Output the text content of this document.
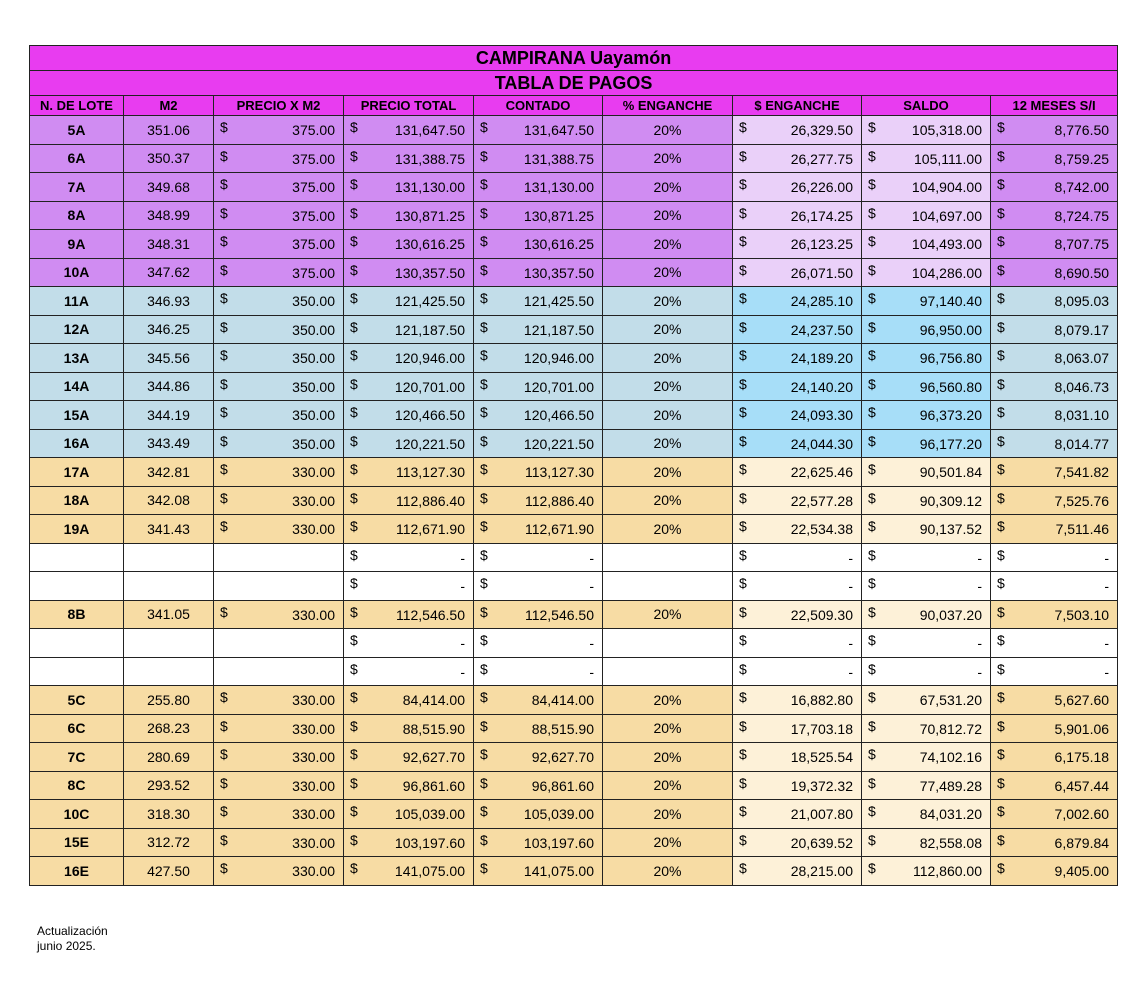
CAMPIRANA Uayamón								
TABLA DE PAGOS								
N. DE LOTE	M2	PRECIO X M2	PRECIO TOTAL	CONTADO	% ENGANCHE	$ ENGANCHE	SALDO	12 MESES S/I
5A	351.06	$ 375.00	$ 131,647.50	$ 131,647.50	20%	$ 26,329.50	$ 105,318.00	$ 8,776.50

6A	350.37	$ 375.00	$ 131,388.75	$ 131,388.75	20%	$ 26,277.75	$ 105,111.00	$ 8,759.25

7A	349.68	$ 375.00	$ 131,130.00	$ 131,130.00	20%	$ 26,226.00	$ 104,904.00	$ 8,742.00

8A	348.99	$ 375.00	$ 130,871.25	$ 130,871.25	20%	$ 26,174.25	$ 104,697.00	$ 8,724.75

9A	348.31	$ 375.00	$ 130,616.25	$ 130,616.25	20%	$ 26,123.25	$ 104,493.00	$ 8,707.75

10A	347.62	$ 375.00	$ 130,357.50	$ 130,357.50	20%	$ 26,071.50	$ 104,286.00	$ 8,690.50

11A	346.93	$ 350.00	$ 121,425.50	$ 121,425.50	20%	$ 24,285.10	$ 97,140.40	$ 8,095.03

12A	346.25	$ 350.00	$ 121,187.50	$ 121,187.50	20%	$ 24,237.50	$ 96,950.00	$ 8,079.17

13A	345.56	$ 350.00	$ 120,946.00	$ 120,946.00	20%	$ 24,189.20	$ 96,756.80	$ 8,063.07

14A	344.86	$ 350.00	$ 120,701.00	$ 120,701.00	20%	$ 24,140.20	$ 96,560.80	$ 8,046.73

15A	344.19	$ 350.00	$ 120,466.50	$ 120,466.50	20%	$ 24,093.30	$ 96,373.20	$ 8,031.10

16A	343.49	$ 350.00	$ 120,221.50	$ 120,221.50	20%	$ 24,044.30	$ 96,177.20	$ 8,014.77

17A	342.81	$ 330.00	$ 113,127.30	$ 113,127.30	20%	$ 22,625.46	$ 90,501.84	$ 7,541.82

18A	342.08	$ 330.00	$ 112,886.40	$ 112,886.40	20%	$ 22,577.28	$ 90,309.12	$ 7,525.76

19A	341.43	$ 330.00	$ 112,671.90	$ 112,671.90	20%	$ 22,534.38	$ 90,137.52	$ 7,511.46

			$ -	$ -		$ -	$ -	$ -

			$ -	$ -		$ -	$ -	$ -

8B	341.05	$ 330.00	$ 112,546.50	$ 112,546.50	20%	$ 22,509.30	$ 90,037.20	$ 7,503.10

			$ -	$ -		$ -	$ -	$ -

			$ -	$ -		$ -	$ -	$ -

5C	255.80	$ 330.00	$ 84,414.00	$ 84,414.00	20%	$ 16,882.80	$ 67,531.20	$ 5,627.60

6C	268.23	$ 330.00	$ 88,515.90	$ 88,515.90	20%	$ 17,703.18	$ 70,812.72	$ 5,901.06

7C	280.69	$ 330.00	$ 92,627.70	$ 92,627.70	20%	$ 18,525.54	$ 74,102.16	$ 6,175.18

8C	293.52	$ 330.00	$ 96,861.60	$ 96,861.60	20%	$ 19,372.32	$ 77,489.28	$ 6,457.44

10C	318.30	$ 330.00	$ 105,039.00	$ 105,039.00	20%	$ 21,007.80	$ 84,031.20	$ 7,002.60

15E	312.72	$ 330.00	$ 103,197.60	$ 103,197.60	20%	$ 20,639.52	$ 82,558.08	$ 6,879.84

16E	427.50	$ 330.00	$ 141,075.00	$ 141,075.00	20%	$ 28,215.00	$ 112,860.00	$ 9,405.00
Actualización
junio 2025.
